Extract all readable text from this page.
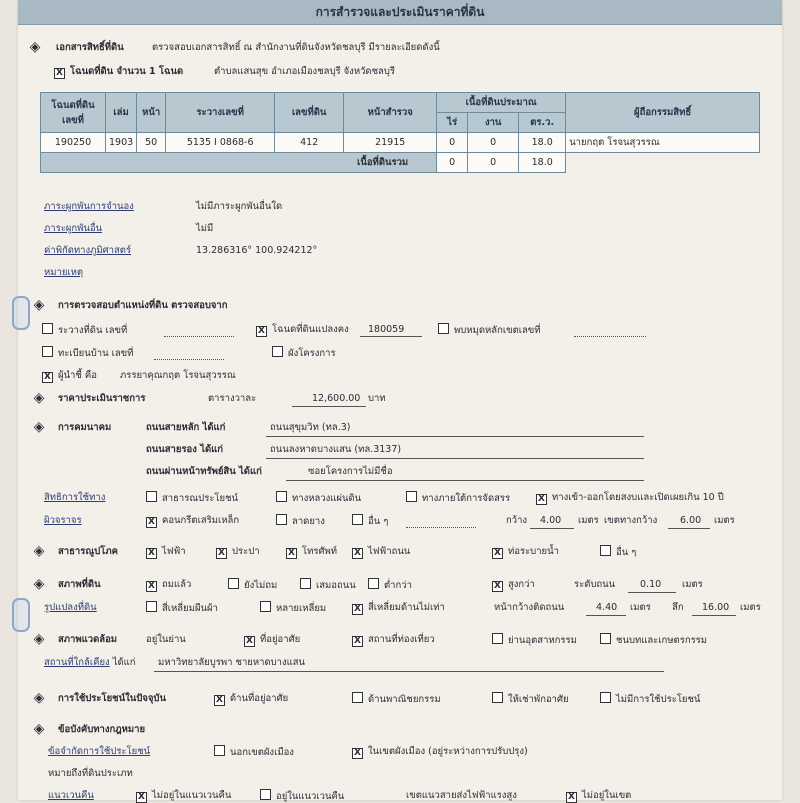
การสำรวจและประเมินราคาที่ดิน
◈ เอกสารสิทธิ์ที่ดิน	ตรวจสอบเอกสารสิทธิ์ ณ สำนักงานที่ดินจังหวัดชลบุรี มีรายละเอียดดังนี้
X โฉนดที่ดิน จำนวน 1 โฉนด	ตำบลแสนสุข อำเภอเมืองชลบุรี จังหวัดชลบุรี
โฉนดที่ดิน เลขที่	เล่ม	หน้า	ระวางเลขที่	เลขที่ดิน	หน้าสำรวจ	เนื้อที่ดินประมาณ			ผู้ถือกรรมสิทธิ์
						ไร่	งาน	ตร.ว.	
190250	1903	50	5135 I 0868-6	412	21915	0	0	18.0	นายกฤต โรจนสุวรรณ
เนื้อที่ดินรวม						0	0	18.0	
ภาระผูกพันการจำนอง	ไม่มีภาระผูกพันอื่นใด
ภาระผูกพันอื่น	ไม่มี
ค่าพิกัดทางภูมิศาสตร์	13.286316° 100.924212°
หมายเหตุ
◈ การตรวจสอบตำแหน่งที่ดิน ตรวจสอบจาก
ระวางที่ดิน เลขที่	X โฉนดที่ดินแปลงคง 180059	พบหมุดหลักเขตเลขที่
ทะเบียนบ้าน เลขที่	ผังโครงการ
X ผู้นำชี้ คือ ภรรยาคุณกฤต โรจนสุวรรณ
◈ ราคาประเมินราชการ	ตารางวาละ	12,600.00 บาท
◈ การคมนาคม	ถนนสายหลัก ได้แก่	ถนนสุขุมวิท (ทล.3)
ถนนสายรอง ได้แก่	ถนนลงหาดบางแสน (ทล.3137)
ถนนผ่านหน้าทรัพย์สิน ได้แก่	ซอยโครงการไม่มีชื่อ
สิทธิการใช้ทาง	สาธารณประโยชน์	ทางหลวงแผ่นดิน	ทางภายใต้การจัดสรร	X ทางเข้า-ออกโดยสงบและเปิดเผยเกิน 10 ปี
ผิวจราจร	X คอนกรีตเสริมเหล็ก	ลาดยาง	อื่น ๆ	กว้าง 4.00 เมตร เขตทางกว้าง 6.00 เมตร
◈ สาธารณูปโภค	X ไฟฟ้า	X ประปา	X โทรศัพท์ X ไฟฟ้าถนน	X ท่อระบายน้ำ	อื่น ๆ
◈ สภาพที่ดิน	X ถมแล้ว	ยังไม่ถม	เสมอถนน	ต่ำกว่า	X สูงกว่า	ระดับถนน	0.10 เมตร
รูปแปลงที่ดิน	สี่เหลี่ยมผืนผ้า	หลายเหลี่ยม	X สี่เหลี่ยมด้านไม่เท่า	หน้ากว้างติดถนน	4.40 เมตร ลึก 16.00 เมตร
◈ สภาพแวดล้อม	อยู่ในย่าน	X ที่อยู่อาศัย	X สถานที่ท่องเที่ยว	ย่านอุตสาหกรรม	ชนบทและเกษตรกรรม
สถานที่ใกล้เคียง ได้แก่ มหาวิทยาลัยบูรพา ชายหาดบางแสน
◈ การใช้ประโยชน์ในปัจจุบัน	X ด้านที่อยู่อาศัย	ด้านพาณิชยกรรม	ให้เช่าพักอาศัย	ไม่มีการใช้ประโยชน์
◈ ข้อบังคับทางกฎหมาย
ข้อจำกัดการใช้ประโยชน์	นอกเขตผังเมือง	X ในเขตผังเมือง (อยู่ระหว่างการปรับปรุง)
หมายถึงที่ดินประเภท
แนวเวนคืน	X ไม่อยู่ในแนวเวนคืน	อยู่ในแนวเวนคืน	เขตแนวสายส่งไฟฟ้าแรงสูง	X ไม่อยู่ในเขต
